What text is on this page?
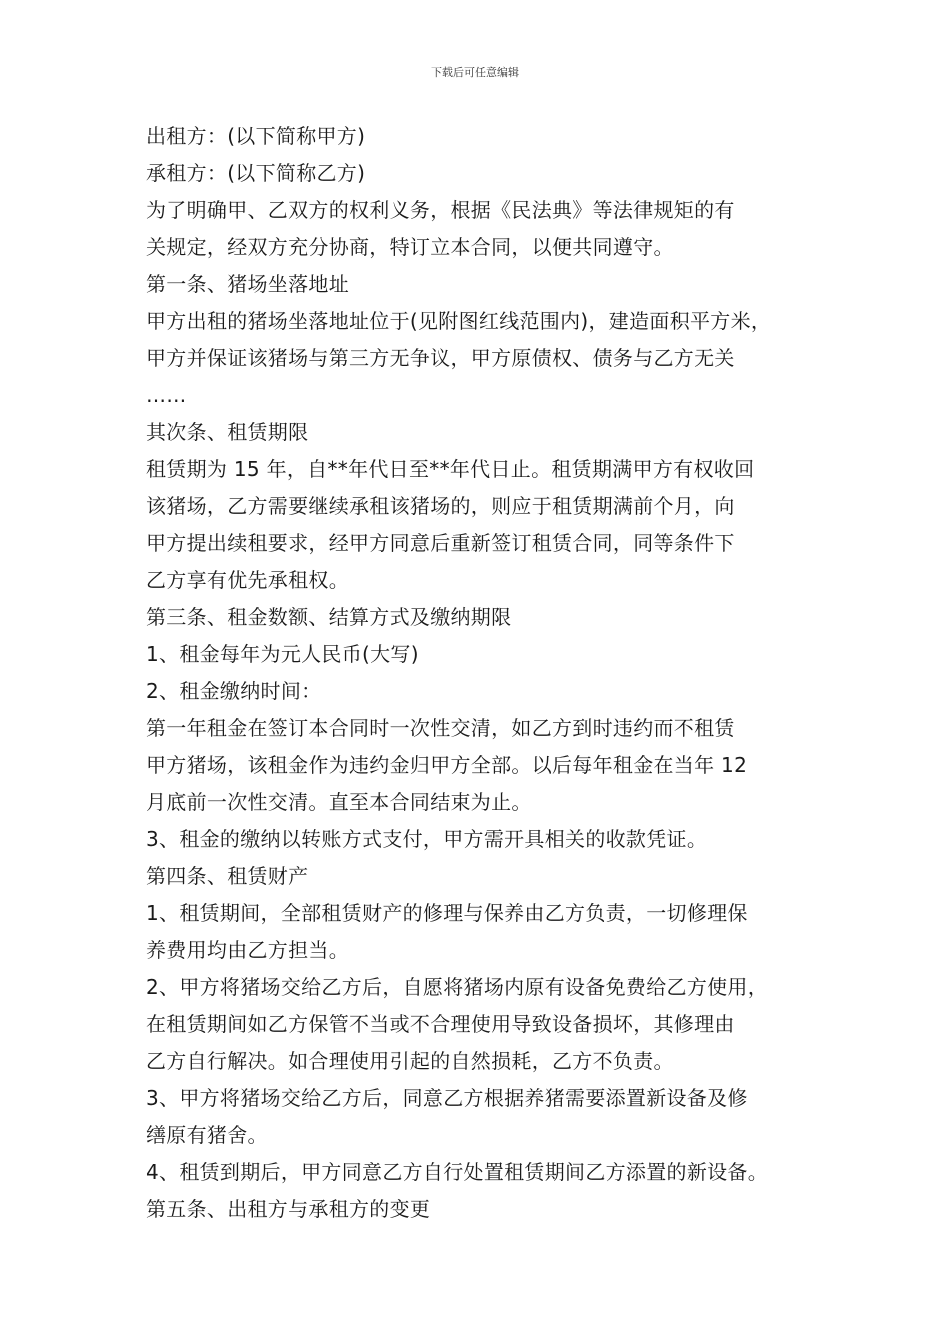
下载后可任意编辑
出租方：(以下简称甲方)
承租方：(以下简称乙方)
为了明确甲、乙双方的权利义务，根据《民法典》等法律规矩的有
关规定，经双方充分协商，特订立本合同，以便共同遵守。
第一条、猪场坐落地址
甲方出租的猪场坐落地址位于(见附图红线范围内)，建造面积平方米，
甲方并保证该猪场与第三方无争议，甲方原债权、债务与乙方无关
……
其次条、租赁期限
租赁期为 15 年，自**年代日至**年代日止。租赁期满甲方有权收回
该猪场，乙方需要继续承租该猪场的，则应于租赁期满前个月，向
甲方提出续租要求，经甲方同意后重新签订租赁合同，同等条件下
乙方享有优先承租权。
第三条、租金数额、结算方式及缴纳期限
1、租金每年为元人民币(大写)
2、租金缴纳时间：
第一年租金在签订本合同时一次性交清，如乙方到时违约而不租赁
甲方猪场，该租金作为违约金归甲方全部。以后每年租金在当年 12
月底前一次性交清。直至本合同结束为止。
3、租金的缴纳以转账方式支付，甲方需开具相关的收款凭证。
第四条、租赁财产
1、租赁期间，全部租赁财产的修理与保养由乙方负责，一切修理保
养费用均由乙方担当。
2、甲方将猪场交给乙方后，自愿将猪场内原有设备免费给乙方使用，
在租赁期间如乙方保管不当或不合理使用导致设备损坏，其修理由
乙方自行解决。如合理使用引起的自然损耗，乙方不负责。
3、甲方将猪场交给乙方后，同意乙方根据养猪需要添置新设备及修
缮原有猪舍。
4、租赁到期后，甲方同意乙方自行处置租赁期间乙方添置的新设备。
第五条、出租方与承租方的变更
